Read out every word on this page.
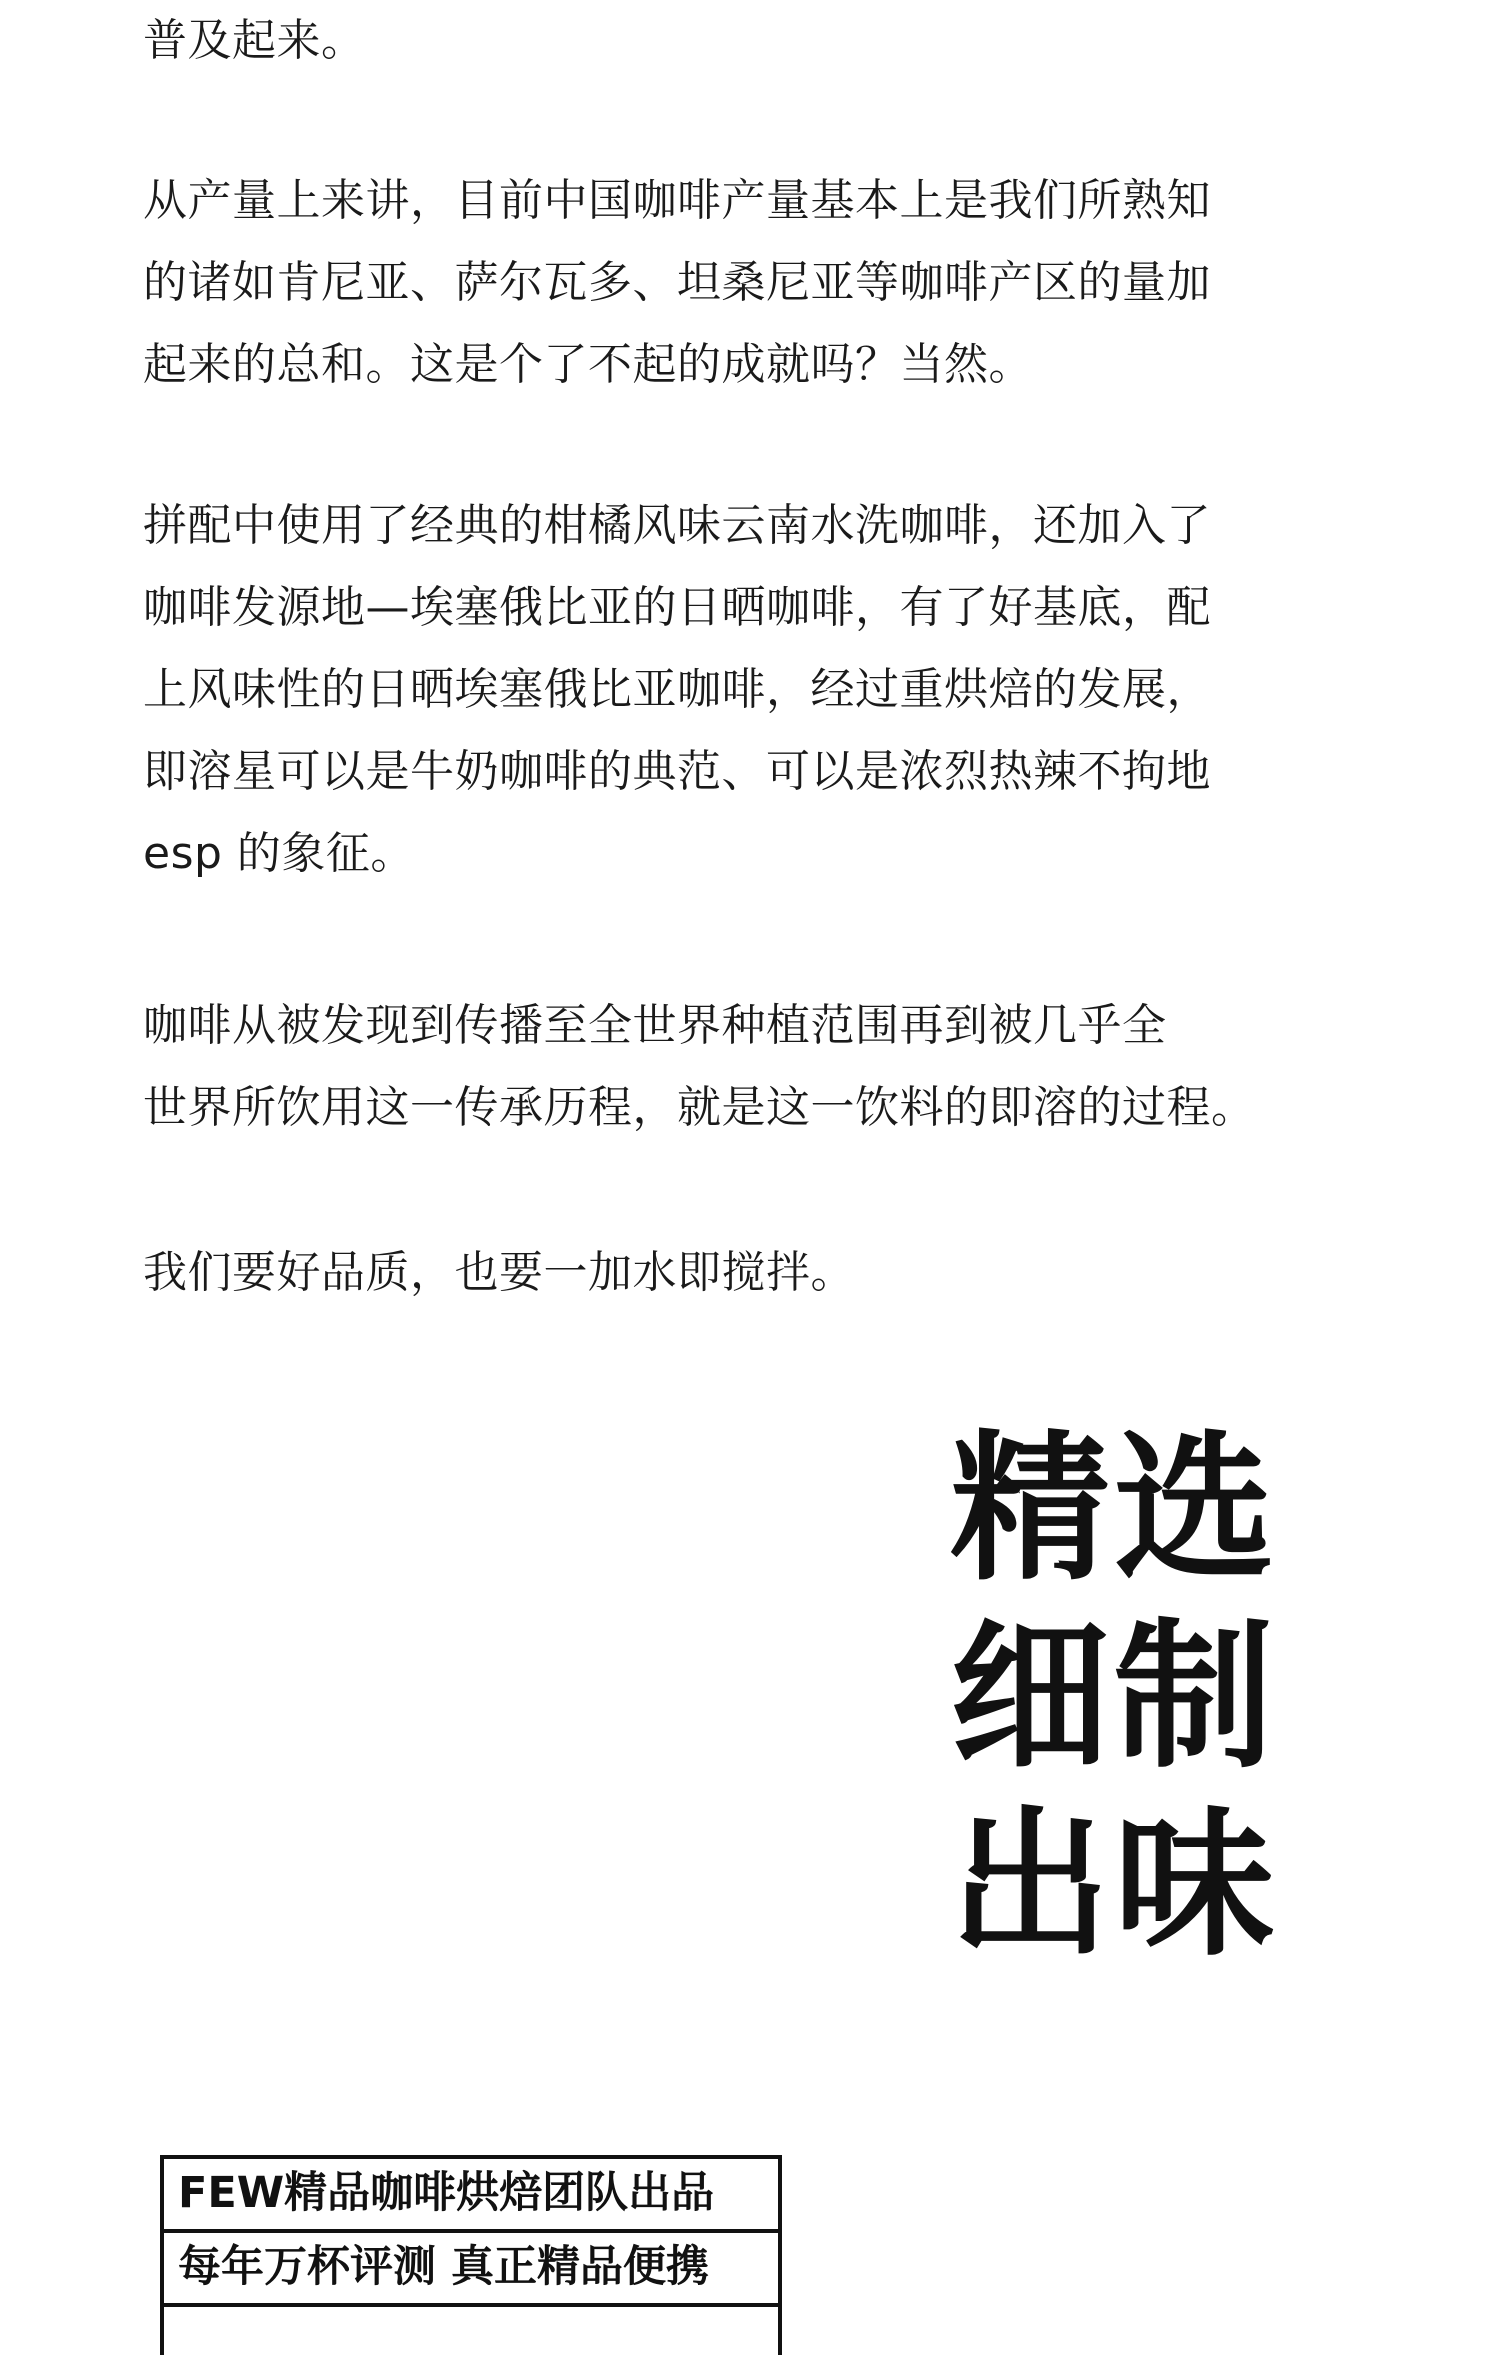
普及起来。

从产量上来讲，目前中国咖啡产量基本上是我们所熟知
的诸如肯尼亚、萨尔瓦多、坦桑尼亚等咖啡产区的量加
起来的总和。这是个了不起的成就吗？当然。

拼配中使用了经典的柑橘风味云南水洗咖啡，还加入了
咖啡发源地—埃塞俄比亚的日晒咖啡，有了好基底，配
上风味性的日晒埃塞俄比亚咖啡，经过重烘焙的发展，
即溶星可以是牛奶咖啡的典范、可以是浓烈热辣不拘地
esp 的象征。

咖啡从被发现到传播至全世界种植范围再到被几乎全
世界所饮用这一传承历程，就是这一饮料的即溶的过程。

我们要好品质，也要一加水即搅拌。

精选
细制
出味
FEW精品咖啡烘焙团队出品
每年万杯评测 真正精品便携
